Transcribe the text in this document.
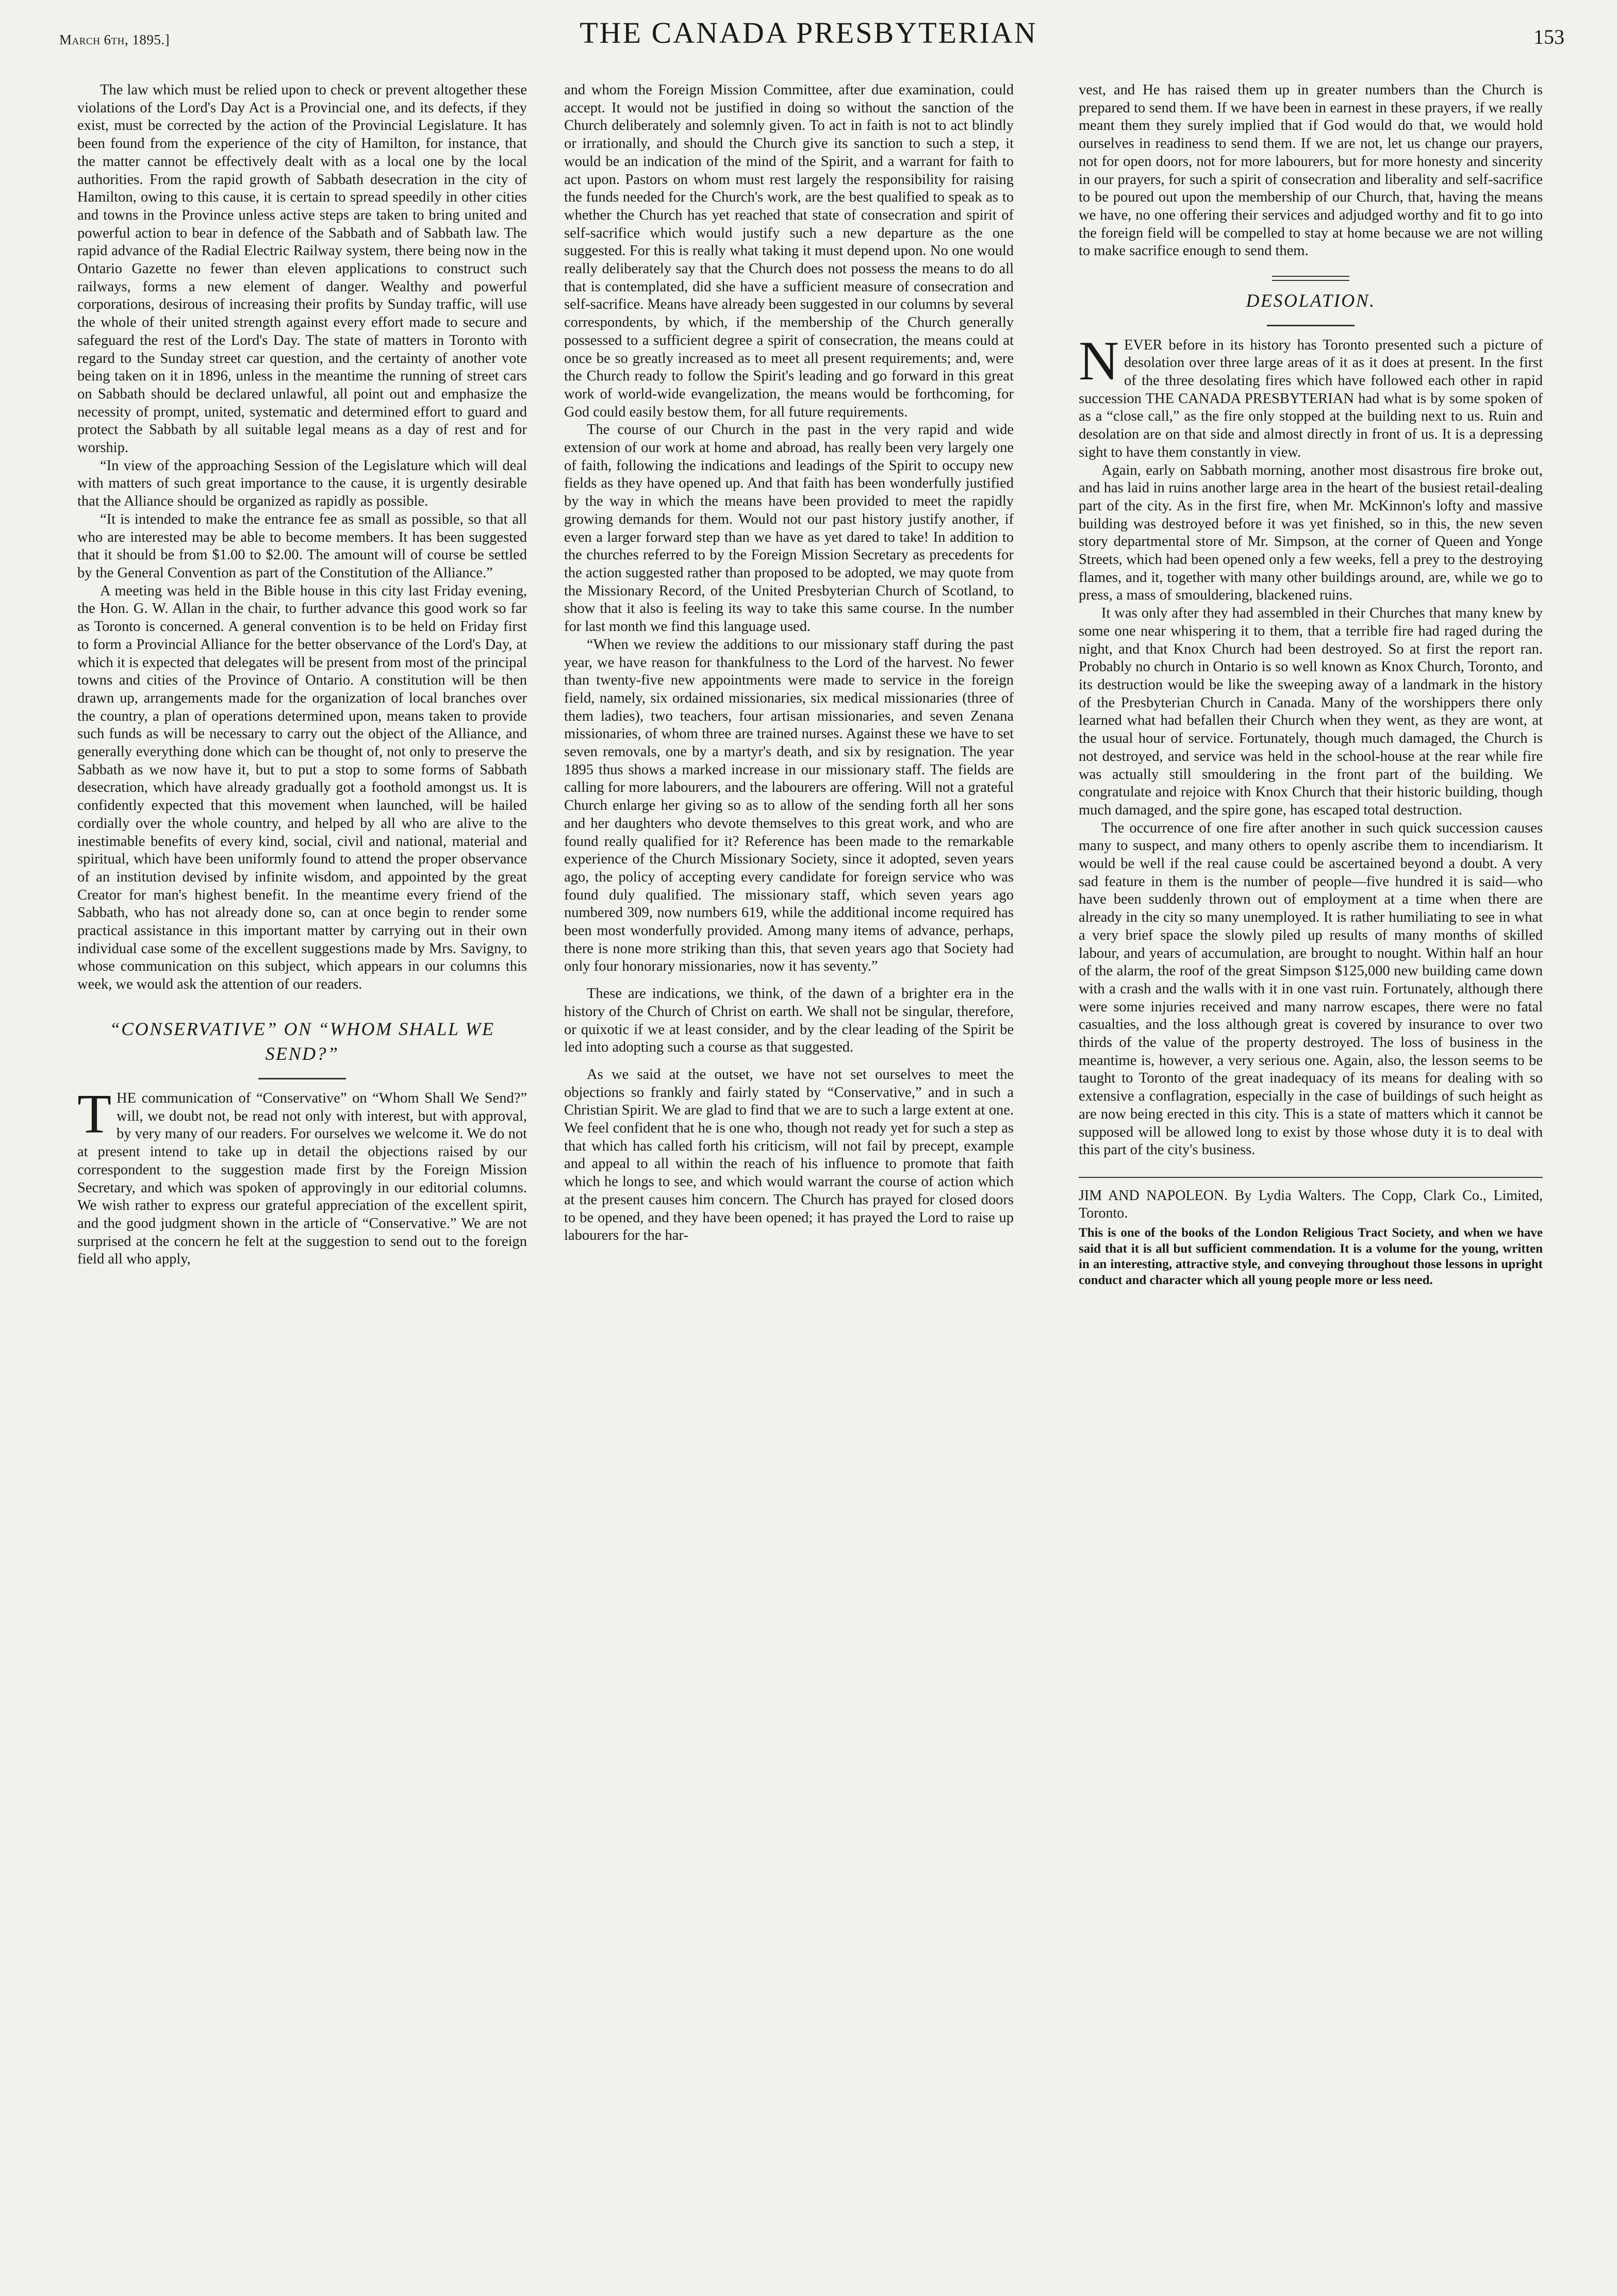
March 6th, 1895.]	THE CANADA PRESBYTERIAN	153

The law which must be relied upon to check or prevent altogether these violations of the Lord's Day Act is a Provincial one, and its defects, if they exist, must be corrected by the action of the Provincial Legislature. It has been found from the experience of the city of Hamilton, for instance, that the matter cannot be effectively dealt with as a local one by the local authorities. From the rapid growth of Sabbath desecration in the city of Hamilton, owing to this cause, it is certain to spread speedily in other cities and towns in the Province unless active steps are taken to bring united and powerful action to bear in defence of the Sabbath and of Sabbath law. The rapid advance of the Radial Electric Railway system, there being now in the Ontario Gazette no fewer than eleven applications to construct such railways, forms a new element of danger. Wealthy and powerful corporations, desirous of increasing their profits by Sunday traffic, will use the whole of their united strength against every effort made to secure and safeguard the rest of the Lord's Day. The state of matters in Toronto with regard to the Sunday street car question, and the certainty of another vote being taken on it in 1896, unless in the meantime the running of street cars on Sabbath should be declared unlawful, all point out and emphasize the necessity of prompt, united, systematic and determined effort to guard and protect the Sabbath by all suitable legal means as a day of rest and for worship.

“In view of the approaching Session of the Legislature which will deal with matters of such great importance to the cause, it is urgently desirable that the Alliance should be organized as rapidly as possible.

“It is intended to make the entrance fee as small as possible, so that all who are interested may be able to become members. It has been suggested that it should be from $1.00 to $2.00. The amount will of course be settled by the General Convention as part of the Constitution of the Alliance.”

A meeting was held in the Bible house in this city last Friday evening, the Hon. G. W. Allan in the chair, to further advance this good work so far as Toronto is concerned. A general convention is to be held on Friday first to form a Provincial Alliance for the better observance of the Lord's Day, at which it is expected that delegates will be present from most of the principal towns and cities of the Province of Ontario. A constitution will be then drawn up, arrangements made for the organization of local branches over the country, a plan of operations determined upon, means taken to provide such funds as will be necessary to carry out the object of the Alliance, and generally everything done which can be thought of, not only to preserve the Sabbath as we now have it, but to put a stop to some forms of Sabbath desecration, which have already gradually got a foothold amongst us. It is confidently expected that this movement when launched, will be hailed cordially over the whole country, and helped by all who are alive to the inestimable benefits of every kind, social, civil and national, material and spiritual, which have been uniformly found to attend the proper observance of an institution devised by infinite wisdom, and appointed by the great Creator for man's highest benefit. In the meantime every friend of the Sabbath, who has not already done so, can at once begin to render some practical assistance in this important matter by carrying out in their own individual case some of the excellent suggestions made by Mrs. Savigny, to whose communication on this subject, which appears in our columns this week, we would ask the attention of our readers.

“CONSERVATIVE” ON “WHOM SHALL WE SEND?”

THE communication of “Conservative” on “Whom Shall We Send?” will, we doubt not, be read not only with interest, but with approval, by very many of our readers. For ourselves we welcome it. We do not at present intend to take up in detail the objections raised by our correspondent to the suggestion made first by the Foreign Mission Secretary, and which was spoken of approvingly in our editorial columns. We wish rather to express our grateful appreciation of the excellent spirit, and the good judgment shown in the article of “Conservative.” We are not surprised at the concern he felt at the suggestion to send out to the foreign field all who apply,

and whom the Foreign Mission Committee, after due examination, could accept. It would not be justified in doing so without the sanction of the Church deliberately and solemnly given. To act in faith is not to act blindly or irrationally, and should the Church give its sanction to such a step, it would be an indication of the mind of the Spirit, and a warrant for faith to act upon. Pastors on whom must rest largely the responsibility for raising the funds needed for the Church's work, are the best qualified to speak as to whether the Church has yet reached that state of consecration and spirit of self-sacrifice which would justify such a new departure as the one suggested. For this is really what taking it must depend upon. No one would really deliberately say that the Church does not possess the means to do all that is contemplated, did she have a sufficient measure of consecration and self-sacrifice. Means have already been suggested in our columns by several correspondents, by which, if the membership of the Church generally possessed to a sufficient degree a spirit of consecration, the means could at once be so greatly increased as to meet all present requirements; and, were the Church ready to follow the Spirit's leading and go forward in this great work of world-wide evangelization, the means would be forthcoming, for God could easily bestow them, for all future requirements.

The course of our Church in the past in the very rapid and wide extension of our work at home and abroad, has really been very largely one of faith, following the indications and leadings of the Spirit to occupy new fields as they have opened up. And that faith has been wonderfully justified by the way in which the means have been provided to meet the rapidly growing demands for them. Would not our past history justify another, if even a larger forward step than we have as yet dared to take! In addition to the churches referred to by the Foreign Mission Secretary as precedents for the action suggested rather than proposed to be adopted, we may quote from the Missionary Record, of the United Presbyterian Church of Scotland, to show that it also is feeling its way to take this same course. In the number for last month we find this language used.

“When we review the additions to our missionary staff during the past year, we have reason for thankfulness to the Lord of the harvest. No fewer than twenty-five new appointments were made to service in the foreign field, namely, six ordained missionaries, six medical missionaries (three of them ladies), two teachers, four artisan missionaries, and seven Zenana missionaries, of whom three are trained nurses. Against these we have to set seven removals, one by a martyr's death, and six by resignation. The year 1895 thus shows a marked increase in our missionary staff. The fields are calling for more labourers, and the labourers are offering. Will not a grateful Church enlarge her giving so as to allow of the sending forth all her sons and her daughters who devote themselves to this great work, and who are found really qualified for it? Reference has been made to the remarkable experience of the Church Missionary Society, since it adopted, seven years ago, the policy of accepting every candidate for foreign service who was found duly qualified. The missionary staff, which seven years ago numbered 309, now numbers 619, while the additional income required has been most wonderfully provided. Among many items of advance, perhaps, there is none more striking than this, that seven years ago that Society had only four honorary missionaries, now it has seventy.”

These are indications, we think, of the dawn of a brighter era in the history of the Church of Christ on earth. We shall not be singular, therefore, or quixotic if we at least consider, and by the clear leading of the Spirit be led into adopting such a course as that suggested.

As we said at the outset, we have not set ourselves to meet the objections so frankly and fairly stated by “Conservative,” and in such a Christian Spirit. We are glad to find that we are to such a large extent at one. We feel confident that he is one who, though not ready yet for such a step as that which has called forth his criticism, will not fail by precept, example and appeal to all within the reach of his influence to promote that faith which he longs to see, and which would warrant the course of action which at the present causes him concern. The Church has prayed for closed doors to be opened, and they have been opened; it has prayed the Lord to raise up labourers for the har-

vest, and He has raised them up in greater numbers than the Church is prepared to send them. If we have been in earnest in these prayers, if we really meant them they surely implied that if God would do that, we would hold ourselves in readiness to send them. If we are not, let us change our prayers, not for open doors, not for more labourers, but for more honesty and sincerity in our prayers, for such a spirit of consecration and liberality and self-sacrifice to be poured out upon the membership of our Church, that, having the means we have, no one offering their services and adjudged worthy and fit to go into the foreign field will be compelled to stay at home because we are not willing to make sacrifice enough to send them.

DESOLATION.

NEVER before in its history has Toronto presented such a picture of desolation over three large areas of it as it does at present. In the first of the three desolating fires which have followed each other in rapid succession THE CANADA PRESBYTERIAN had what is by some spoken of as a “close call,” as the fire only stopped at the building next to us. Ruin and desolation are on that side and almost directly in front of us. It is a depressing sight to have them constantly in view.

Again, early on Sabbath morning, another most disastrous fire broke out, and has laid in ruins another large area in the heart of the busiest retail-dealing part of the city. As in the first fire, when Mr. McKinnon's lofty and massive building was destroyed before it was yet finished, so in this, the new seven story departmental store of Mr. Simpson, at the corner of Queen and Yonge Streets, which had been opened only a few weeks, fell a prey to the destroying flames, and it, together with many other buildings around, are, while we go to press, a mass of smouldering, blackened ruins.

It was only after they had assembled in their Churches that many knew by some one near whispering it to them, that a terrible fire had raged during the night, and that Knox Church had been destroyed. So at first the report ran. Probably no church in Ontario is so well known as Knox Church, Toronto, and its destruction would be like the sweeping away of a landmark in the history of the Presbyterian Church in Canada. Many of the worshippers there only learned what had befallen their Church when they went, as they are wont, at the usual hour of service. Fortunately, though much damaged, the Church is not destroyed, and service was held in the school-house at the rear while fire was actually still smouldering in the front part of the building. We congratulate and rejoice with Knox Church that their historic building, though much damaged, and the spire gone, has escaped total destruction.

The occurrence of one fire after another in such quick succession causes many to suspect, and many others to openly ascribe them to incendiarism. It would be well if the real cause could be ascertained beyond a doubt. A very sad feature in them is the number of people—five hundred it is said—who have been suddenly thrown out of employment at a time when there are already in the city so many unemployed. It is rather humiliating to see in what a very brief space the slowly piled up results of many months of skilled labour, and years of accumulation, are brought to nought. Within half an hour of the alarm, the roof of the great Simpson $125,000 new building came down with a crash and the walls with it in one vast ruin. Fortunately, although there were some injuries received and many narrow escapes, there were no fatal casualties, and the loss although great is covered by insurance to over two thirds of the value of the property destroyed. The loss of business in the meantime is, however, a very serious one. Again, also, the lesson seems to be taught to Toronto of the great inadequacy of its means for dealing with so extensive a conflagration, especially in the case of buildings of such height as are now being erected in this city. This is a state of matters which it cannot be supposed will be allowed long to exist by those whose duty it is to deal with this part of the city's business.

JIM AND NAPOLEON. By Lydia Walters. The Copp, Clark Co., Limited, Toronto.
This is one of the books of the London Religious Tract Society, and when we have said that it is all but sufficient commendation. It is a volume for the young, written in an interesting, attractive style, and conveying throughout those lessons in upright conduct and character which all young people more or less need.
